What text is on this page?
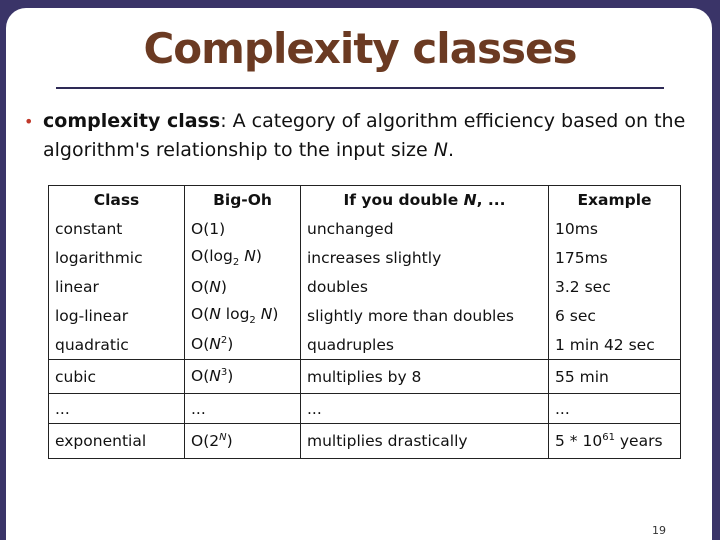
Complexity classes
• complexity class: A category of algorithm efficiency based on the algorithm's relationship to the input size N.
Class	Big-Oh	If you double N, ...	Example
constant	O(1)	unchanged	10ms
logarithmic	$O(\log_2$ N)	increases slightly	175ms
linear	O(N)	doubles	3.2 sec
log-linear	O(N $\log_2 N$)	slightly more than doubles	6 sec
quadratic	$O(N^2)$	quadruples	1 min 42 sec
cubic	$O(N^3)$	multiplies by 8	55 min
...	...	...	...
exponential	$O(2^N)$	multiplies drastically	$5 * 10^{61}$ years
19
